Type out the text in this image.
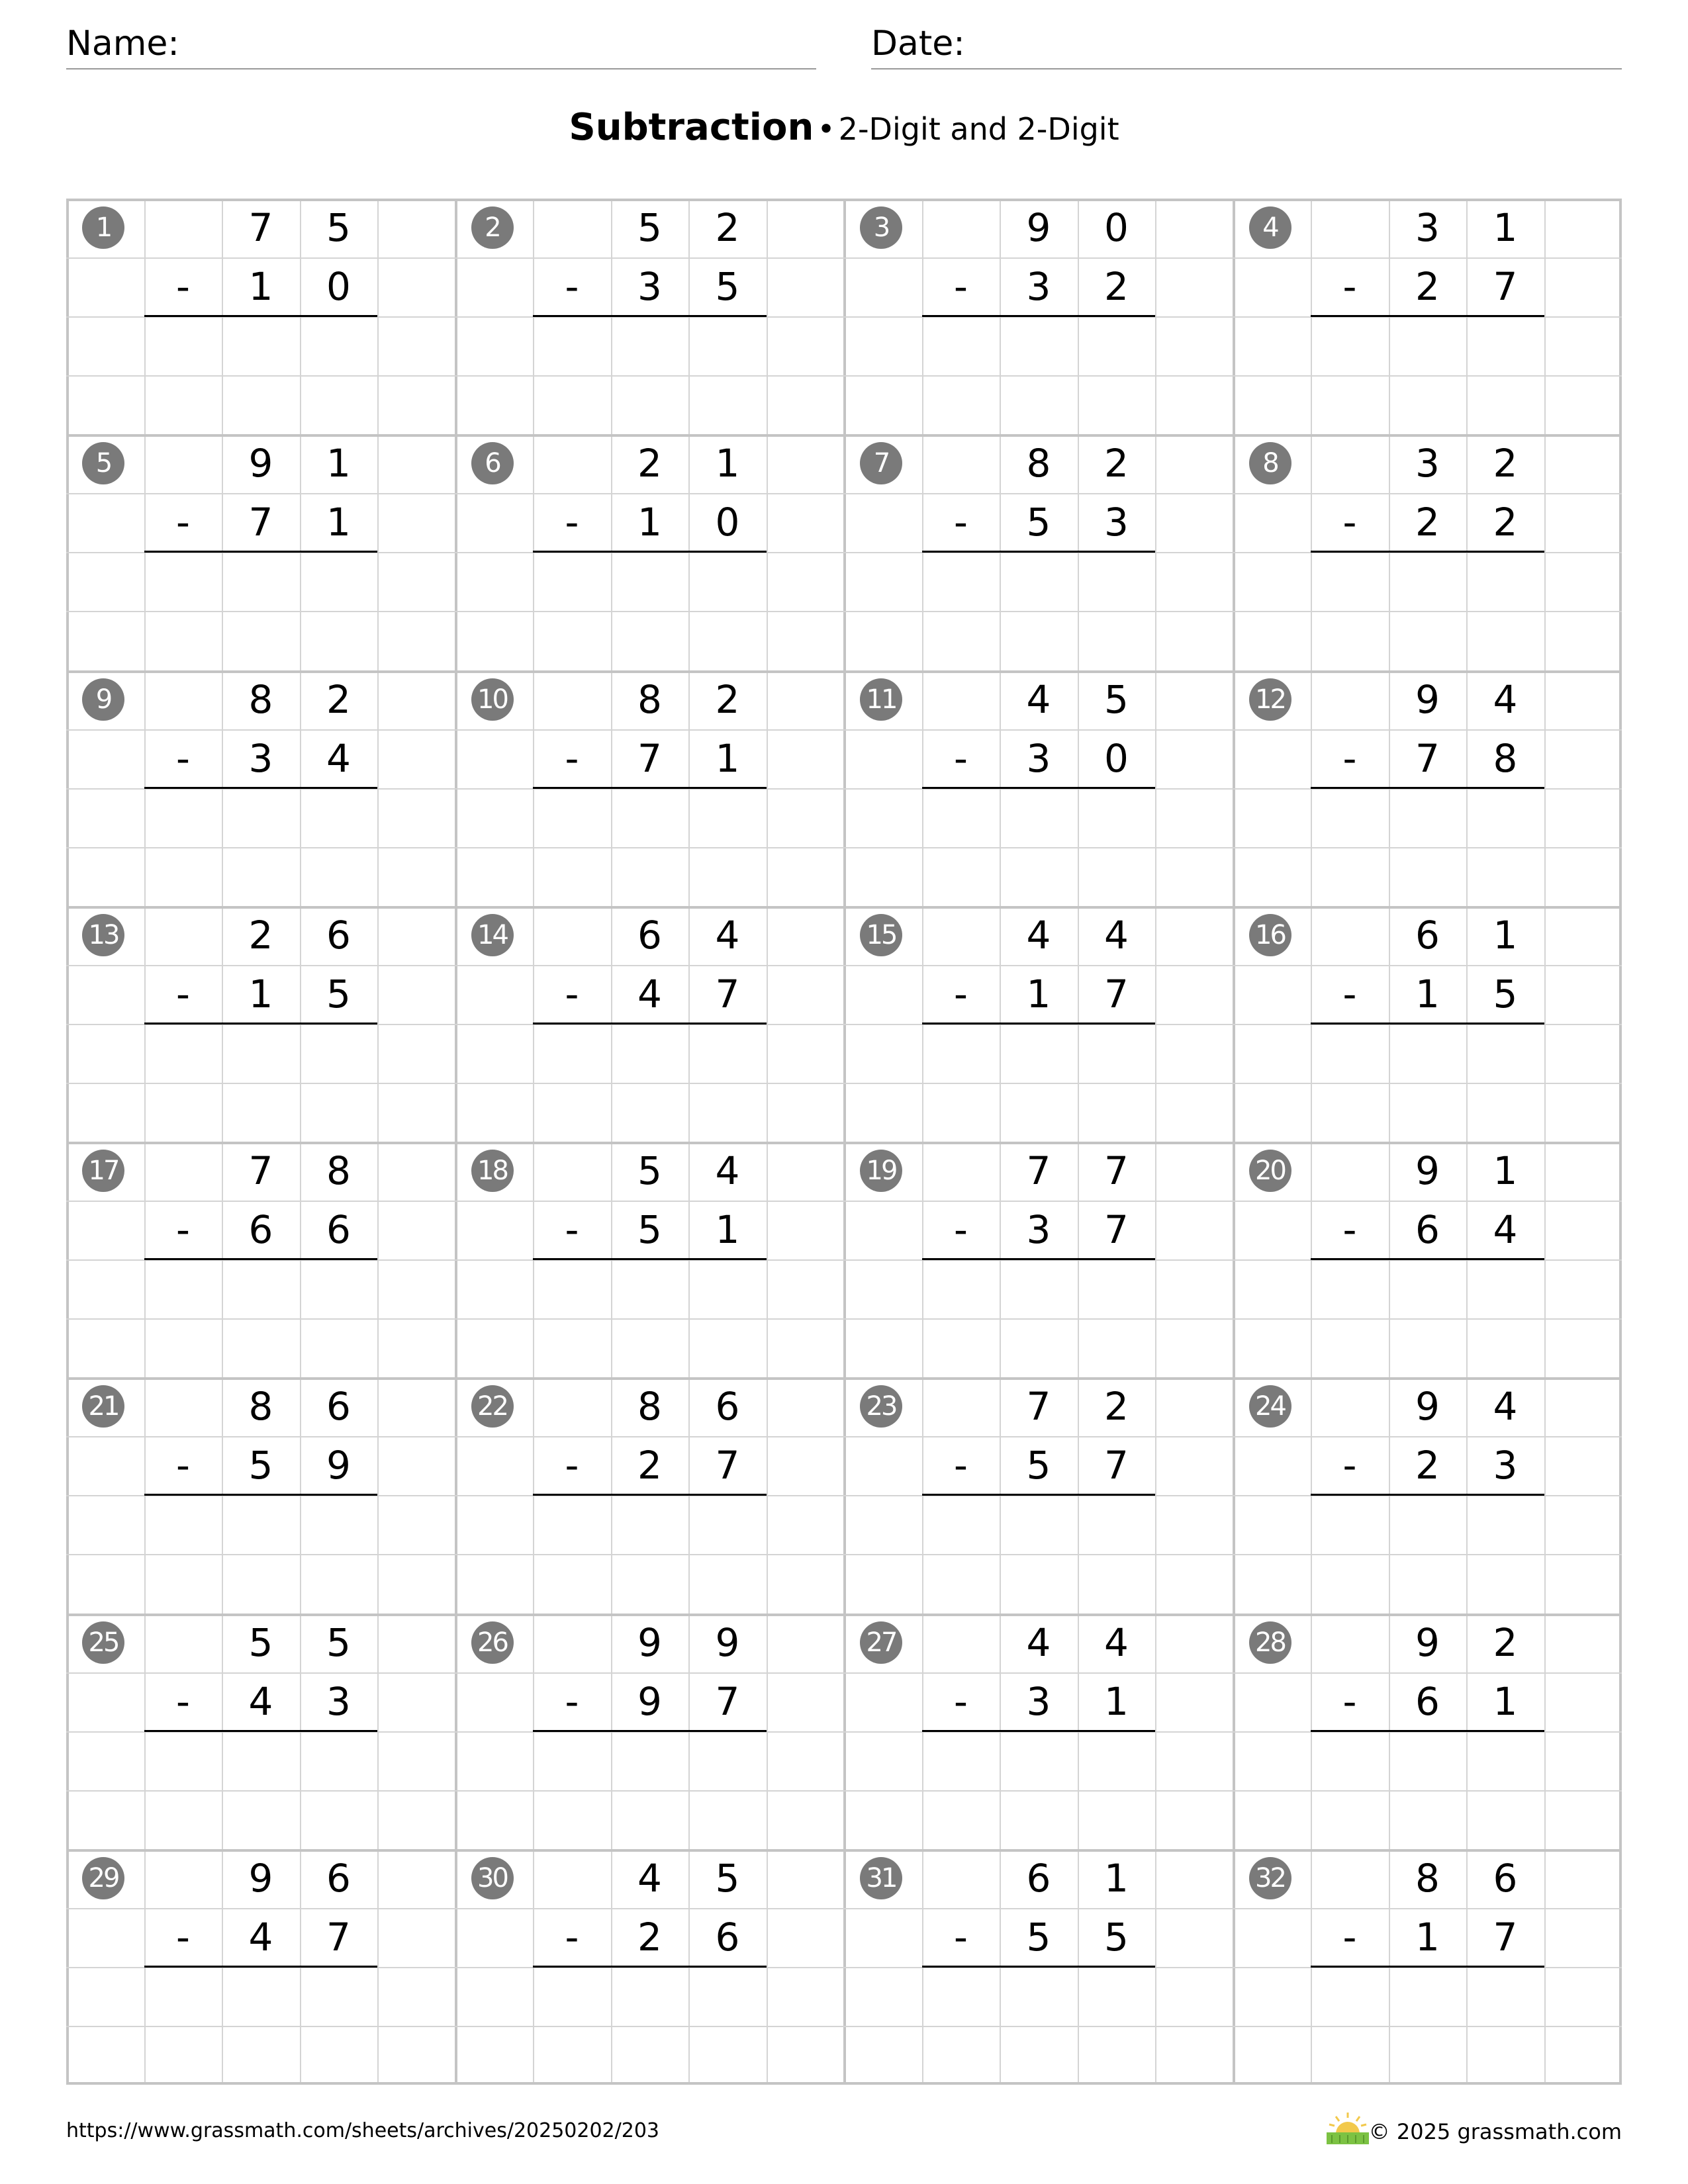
Name:	Date:
Subtraction • 2-Digit and 2-Digit
1	7	5
-	1	0
2	5	2
-	3	5
3	9	0
-	3	2
4	3	1
-	2	7
5	9	1
-	7	1
6	2	1
-	1	0
7	8	2
-	5	3
8	3	2
-	2	2
9	8	2
-	3	4
10	8	2
-	7	1
11	4	5
-	3	0
12	9	4
-	7	8
13	2	6
-	1	5
14	6	4
-	4	7
15	4	4
-	1	7
16	6	1
-	1	5
17	7	8
-	6	6
18	5	4
-	5	1
19	7	7
-	3	7
20	9	1
-	6	4
21	8	6
-	5	9
22	8	6
-	2	7
23	7	2
-	5	7
24	9	4
-	2	3
25	5	5
-	4	3
26	9	9
-	9	7
27	4	4
-	3	1
28	9	2
-	6	1
29	9	6
-	4	7
30	4	5
-	2	6
31	6	1
-	5	5
32	8	6
-	1	7
https://www.grassmath.com/sheets/archives/20250202/203	© 2025 grassmath.com
